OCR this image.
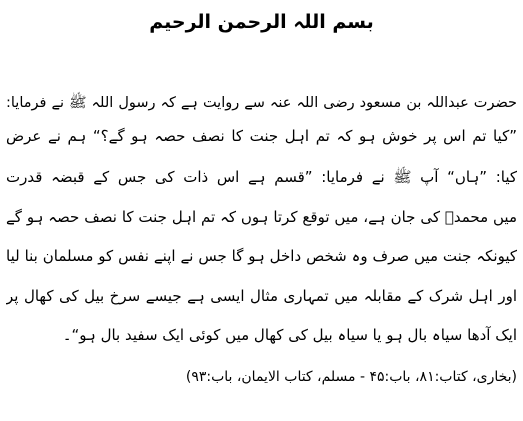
بسم اللہ الرحمن الرحیم
حضرت عبداللہ بن مسعود رضی اللہ عنہ سے روایت ہے کہ رسول اللہ ﷺ نے فرمایا:
”کیا تم اس پر خوش ہو کہ تم اہل جنت کا نصف حصہ ہو گے؟“ ہم نے عرض
کیا: ”ہاں“ آپ ﷺ نے فرمایا: ”قسم ہے اس ذات کی جس کے قبضہ قدرت
میں محمدؐ کی جان ہے، میں توقع کرتا ہوں کہ تم اہل جنت کا نصف حصہ ہو گے
کیونکہ جنت میں صرف وہ شخص داخل ہو گا جس نے اپنے نفس کو مسلمان بنا لیا
اور اہل شرک کے مقابلہ میں تمہاری مثال ایسی ہے جیسے سرخ بیل کی کھال پر
ایک آدھا سیاہ بال ہو یا سیاہ بیل کی کھال میں کوئی ایک سفید بال ہو“۔
(بخاری، کتاب:۸۱، باب:۴۵ - مسلم، کتاب الایمان، باب:۹۳)
